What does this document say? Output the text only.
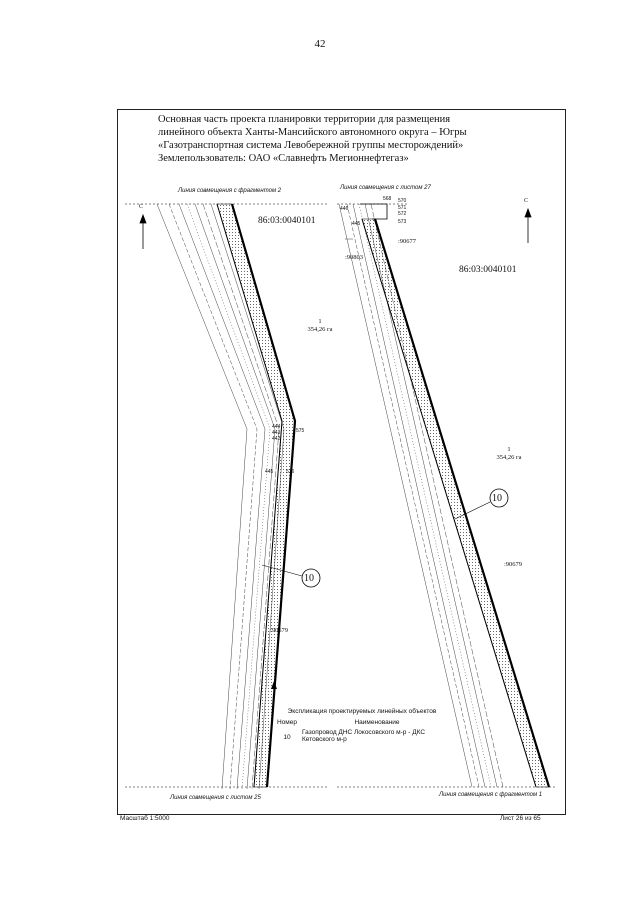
42
Основная часть проекта планировки территории для размещения
линейного объекта Ханты-Мансийского автономного округа – Югры
«Газотранспортная система Левобережной группы месторождений»
Землепользователь: ОАО «Славнефть Мегионнефтегаз»
Линия совмещения с фрагментом 2	Линия совмещения с листом 27
Линия совмещения с листом 25	Линия совмещения с фрагментом 1
86:03:0040101
86:03:0040101
:90677
:90803
:90679
:90679
1
354,26 га
1
354,26 га
444
443
442
575
445	576
568 570
571
572
573
446
445
10
10
С
С
Экспликация проектируемых линейных объектов
Номер	Наименование
10
Газопровод ДНС Локосовского м-р - ДКС
Кетовского м-р
Масштаб 1:5000	Лист 26 из 65
